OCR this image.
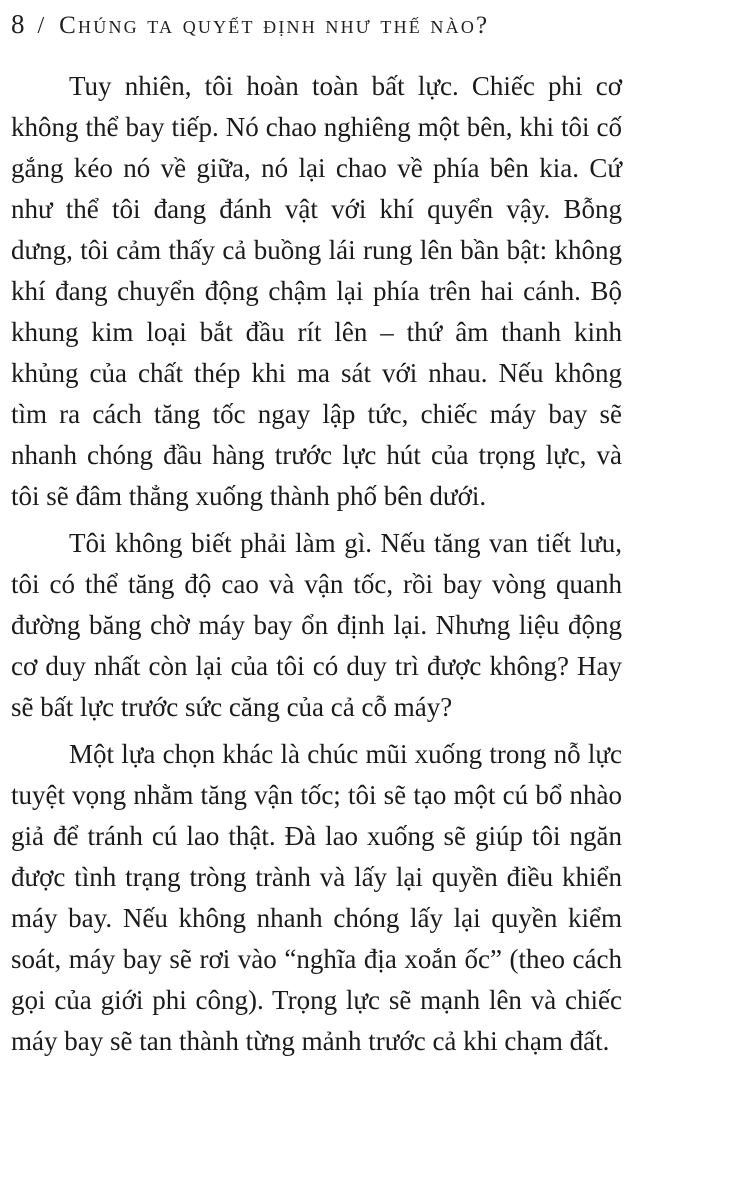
8 / Chúng ta quyết định như thế nào?

Tuy nhiên, tôi hoàn toàn bất lực. Chiếc phi cơ không thể bay tiếp. Nó chao nghiêng một bên, khi tôi cố gắng kéo nó về giữa, nó lại chao về phía bên kia. Cứ như thể tôi đang đánh vật với khí quyển vậy. Bỗng dưng, tôi cảm thấy cả buồng lái rung lên bần bật: không khí đang chuyển động chậm lại phía trên hai cánh. Bộ khung kim loại bắt đầu rít lên – thứ âm thanh kinh khủng của chất thép khi ma sát với nhau. Nếu không tìm ra cách tăng tốc ngay lập tức, chiếc máy bay sẽ nhanh chóng đầu hàng trước lực hút của trọng lực, và tôi sẽ đâm thẳng xuống thành phố bên dưới.

Tôi không biết phải làm gì. Nếu tăng van tiết lưu, tôi có thể tăng độ cao và vận tốc, rồi bay vòng quanh đường băng chờ máy bay ổn định lại. Nhưng liệu động cơ duy nhất còn lại của tôi có duy trì được không? Hay sẽ bất lực trước sức căng của cả cỗ máy?

Một lựa chọn khác là chúc mũi xuống trong nỗ lực tuyệt vọng nhằm tăng vận tốc; tôi sẽ tạo một cú bổ nhào giả để tránh cú lao thật. Đà lao xuống sẽ giúp tôi ngăn được tình trạng tròng trành và lấy lại quyền điều khiển máy bay. Nếu không nhanh chóng lấy lại quyền kiểm soát, máy bay sẽ rơi vào “nghĩa địa xoắn ốc” (theo cách gọi của giới phi công). Trọng lực sẽ mạnh lên và chiếc máy bay sẽ tan thành từng mảnh trước cả khi chạm đất.
